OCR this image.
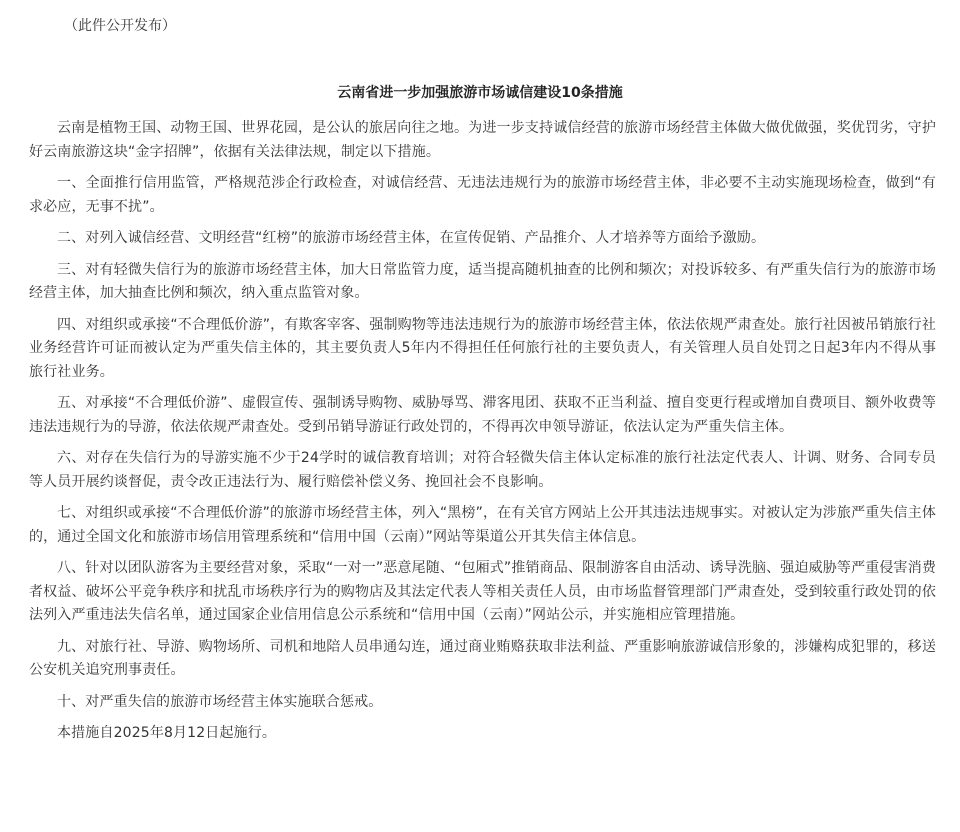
（此件公开发布）
云南省进一步加强旅游市场诚信建设10条措施

云南是植物王国、动物王国、世界花园，是公认的旅居向往之地。为进一步支持诚信经营的旅游市场经营主体做大做优做强，奖优罚劣，守护好云南旅游这块“金字招牌”，依据有关法律法规，制定以下措施。

一、全面推行信用监管，严格规范涉企行政检查，对诚信经营、无违法违规行为的旅游市场经营主体，非必要不主动实施现场检查，做到“有求必应，无事不扰”。

二、对列入诚信经营、文明经营“红榜”的旅游市场经营主体，在宣传促销、产品推介、人才培养等方面给予激励。

三、对有轻微失信行为的旅游市场经营主体，加大日常监管力度，适当提高随机抽查的比例和频次；对投诉较多、有严重失信行为的旅游市场经营主体，加大抽查比例和频次，纳入重点监管对象。

四、对组织或承接“不合理低价游”，有欺客宰客、强制购物等违法违规行为的旅游市场经营主体，依法依规严肃查处。旅行社因被吊销旅行社业务经营许可证而被认定为严重失信主体的，其主要负责人5年内不得担任任何旅行社的主要负责人，有关管理人员自处罚之日起3年内不得从事旅行社业务。

五、对承接“不合理低价游”、虚假宣传、强制诱导购物、威胁辱骂、滞客甩团、获取不正当利益、擅自变更行程或增加自费项目、额外收费等违法违规行为的导游，依法依规严肃查处。受到吊销导游证行政处罚的，不得再次申领导游证，依法认定为严重失信主体。

六、对存在失信行为的导游实施不少于24学时的诚信教育培训；对符合轻微失信主体认定标准的旅行社法定代表人、计调、财务、合同专员等人员开展约谈督促，责令改正违法行为、履行赔偿补偿义务、挽回社会不良影响。

七、对组织或承接“不合理低价游”的旅游市场经营主体，列入“黑榜”，在有关官方网站上公开其违法违规事实。对被认定为涉旅严重失信主体的，通过全国文化和旅游市场信用管理系统和“信用中国（云南）”网站等渠道公开其失信主体信息。

八、针对以团队游客为主要经营对象，采取“一对一”恶意尾随、“包厢式”推销商品、限制游客自由活动、诱导洗脑、强迫威胁等严重侵害消费者权益、破坏公平竞争秩序和扰乱市场秩序行为的购物店及其法定代表人等相关责任人员，由市场监督管理部门严肃查处，受到较重行政处罚的依法列入严重违法失信名单，通过国家企业信用信息公示系统和“信用中国（云南）”网站公示，并实施相应管理措施。

九、对旅行社、导游、购物场所、司机和地陪人员串通勾连，通过商业贿赂获取非法利益、严重影响旅游诚信形象的，涉嫌构成犯罪的，移送公安机关追究刑事责任。

十、对严重失信的旅游市场经营主体实施联合惩戒。

本措施自2025年8月12日起施行。
